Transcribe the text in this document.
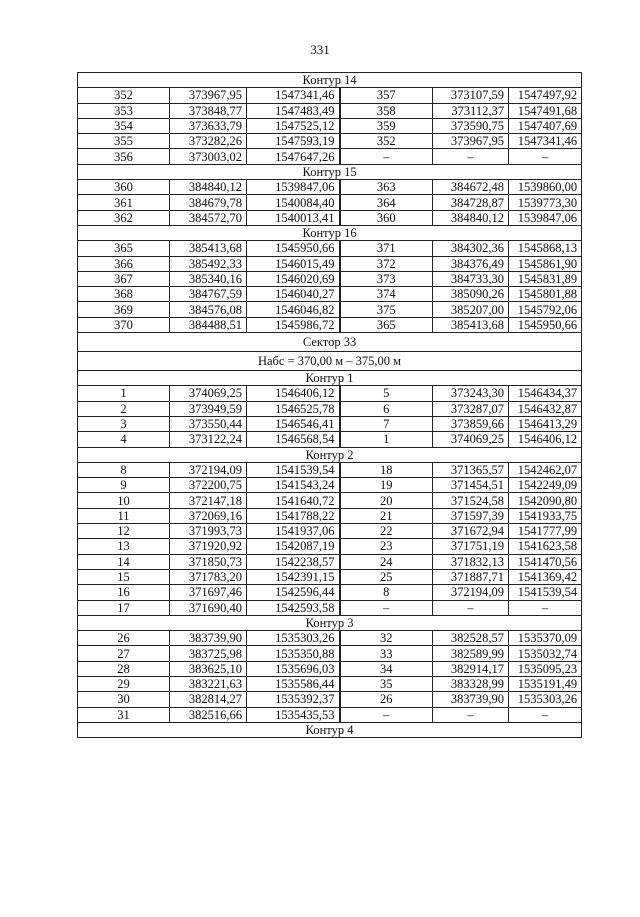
331
Контур 14					
352	373967,95	1547341,46	357	373107,59	1547497,92
353	373848,77	1547483,49	358	373112,37	1547491,68
354	373633,79	1547525,12	359	373590,75	1547407,69
355	373282,26	1547593,19	352	373967,95	1547341,46
356	373003,02	1547647,26	–	–	–
Контур 15					
360	384840,12	1539847,06	363	384672,48	1539860,00
361	384679,78	1540084,40	364	384728,87	1539773,30
362	384572,70	1540013,41	360	384840,12	1539847,06
Контур 16					
365	385413,68	1545950,66	371	384302,36	1545868,13
366	385492,33	1546015,49	372	384376,49	1545861,90
367	385340,16	1546020,69	373	384733,30	1545831,89
368	384767,59	1546040,27	374	385090,26	1545801,88
369	384576,08	1546046,82	375	385207,00	1545792,06
370	384488,51	1545986,72	365	385413,68	1545950,66
Сектор 33					
Набс = 370,00 м – 375,00 м					
Контур 1					
1	374069,25	1546406,12	5	373243,30	1546434,37
2	373949,59	1546525,78	6	373287,07	1546432,87
3	373550,44	1546546,41	7	373859,66	1546413,29
4	373122,24	1546568,54	1	374069,25	1546406,12
Контур 2					
8	372194,09	1541539,54	18	371365,57	1542462,07
9	372200,75	1541543,24	19	371454,51	1542249,09
10	372147,18	1541640,72	20	371524,58	1542090,80
11	372069,16	1541788,22	21	371597,39	1541933,75
12	371993,73	1541937,06	22	371672,94	1541777,99
13	371920,92	1542087,19	23	371751,19	1541623,58
14	371850,73	1542238,57	24	371832,13	1541470,56
15	371783,20	1542391,15	25	371887,71	1541369,42
16	371697,46	1542596,44	8	372194,09	1541539,54
17	371690,40	1542593,58	–	–	–
Контур 3					
26	383739,90	1535303,26	32	382528,57	1535370,09
27	383725,98	1535350,88	33	382589,99	1535032,74
28	383625,10	1535696,03	34	382914,17	1535095,23
29	383221,63	1535586,44	35	383328,99	1535191,49
30	382814,27	1535392,37	26	383739,90	1535303,26
31	382516,66	1535435,53	–	–	–
Контур 4					
